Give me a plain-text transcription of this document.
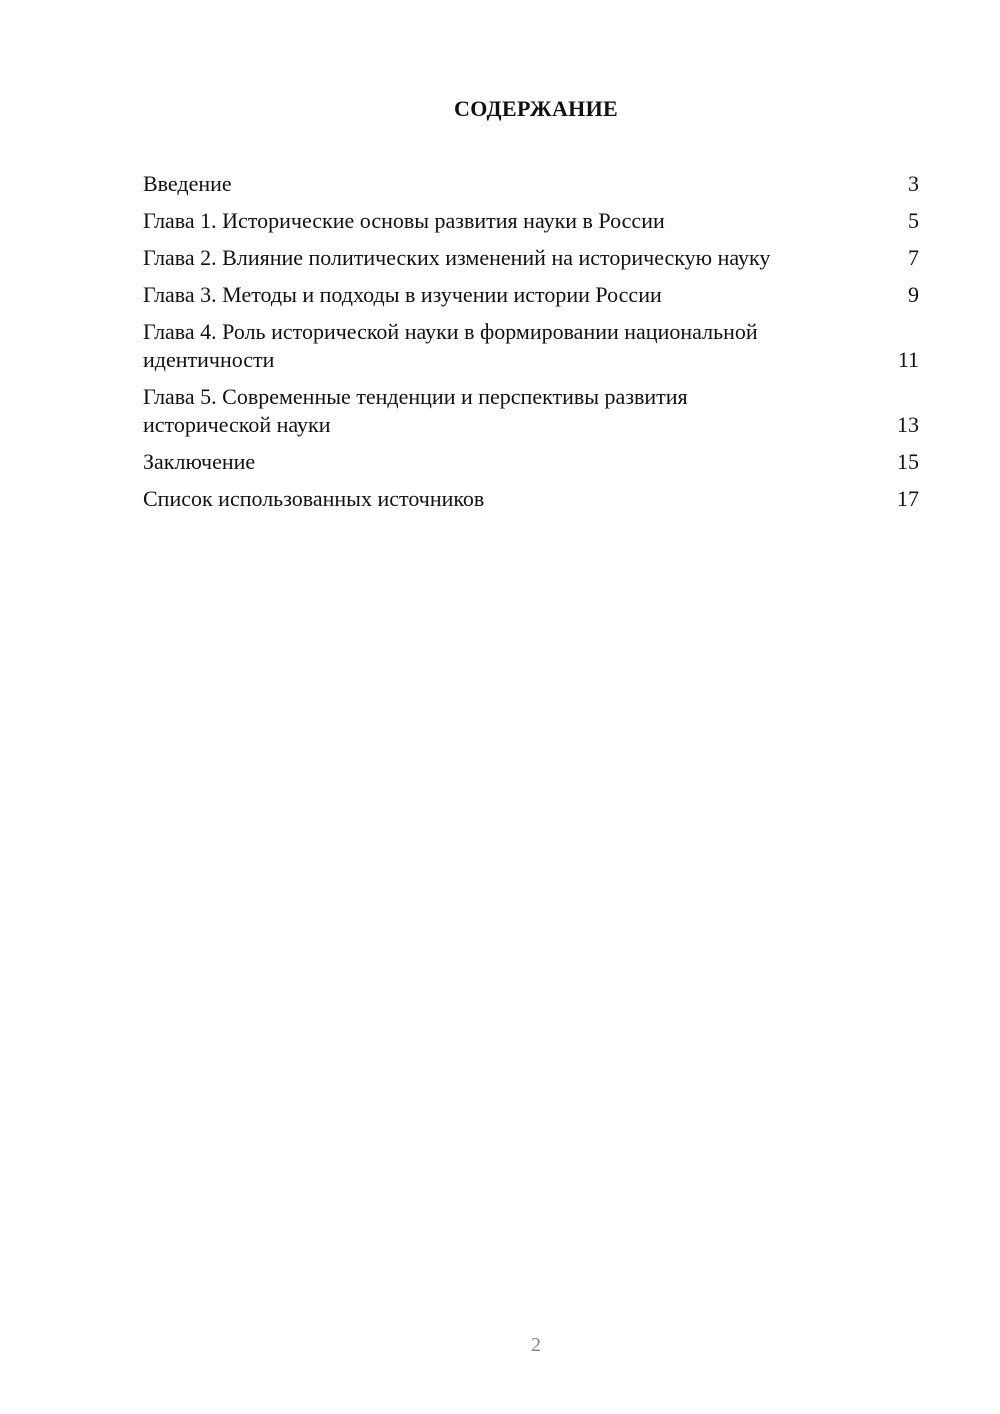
СОДЕРЖАНИЕ
Введение	3
Глава 1. Исторические основы развития науки в России	5
Глава 2. Влияние политических изменений на историческую науку	7
Глава 3. Методы и подходы в изучении истории России	9
Глава 4. Роль исторической науки в формировании национальной идентичности	11
Глава 5. Современные тенденции и перспективы развития исторической науки	13
Заключение	15
Список использованных источников	17
2
